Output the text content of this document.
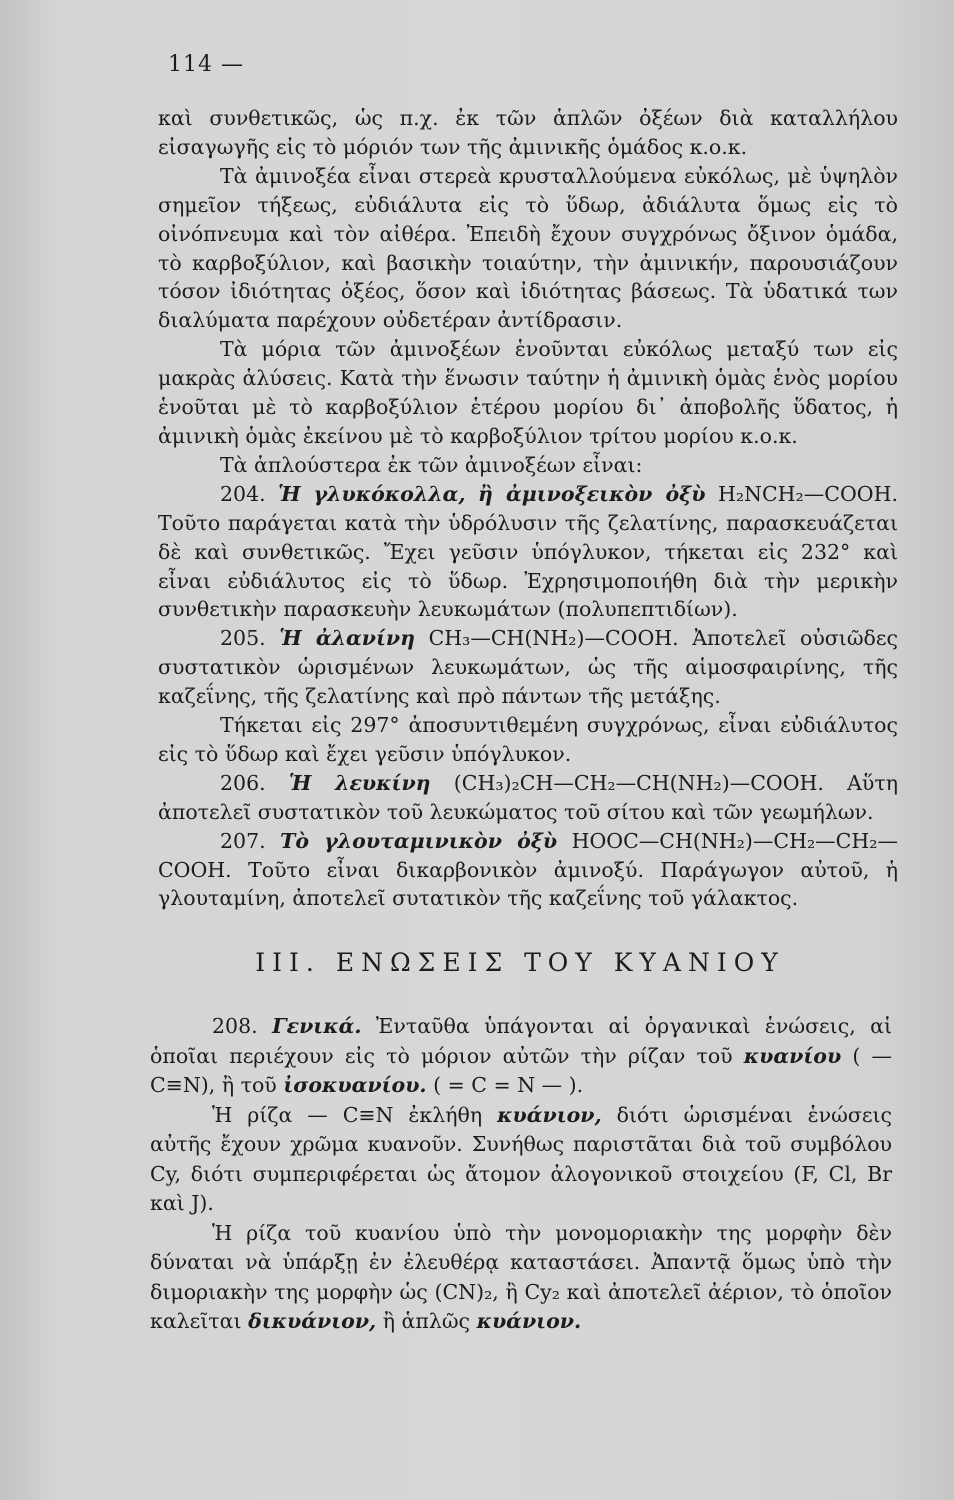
114 —

καὶ συνθετικῶς, ὡς π.χ. ἐκ τῶν ἁπλῶν ὀξέων διὰ καταλλήλου εἰσαγωγῆς εἰς τὸ μόριόν των τῆς ἀμινικῆς ὁμάδος κ.ο.κ.

Τὰ ἀμινοξέα εἶναι στερεὰ κρυσταλλούμενα εὐκόλως, μὲ ὑψηλὸν σημεῖον τήξεως, εὐδιάλυτα εἰς τὸ ὕδωρ, ἀδιάλυτα ὅμως εἰς τὸ οἰνόπνευμα καὶ τὸν αἰθέρα. Ἐπειδὴ ἔχουν συγχρόνως ὄξινον ὁμάδα, τὸ καρβοξύλιον, καὶ βασικὴν τοιαύτην, τὴν ἀμινικήν, παρουσιάζουν τόσον ἰδιότητας ὀξέος, ὅσον καὶ ἰδιότητας βάσεως. Τὰ ὑδατικά των διαλύματα παρέχουν οὐδετέραν ἀντίδρασιν.

Τὰ μόρια τῶν ἀμινοξέων ἑνοῦνται εὐκόλως μεταξύ των εἰς μακρὰς ἁλύσεις. Κατὰ τὴν ἕνωσιν ταύτην ἡ ἀμινικὴ ὁμὰς ἑνὸς μορίου ἑνοῦται μὲ τὸ καρβοξύλιον ἑτέρου μορίου δι᾿ ἀποβολῆς ὕδατος, ἡ ἀμινικὴ ὁμὰς ἐκείνου μὲ τὸ καρβοξύλιον τρίτου μορίου κ.ο.κ.

Τὰ ἁπλούστερα ἐκ τῶν ἀμινοξέων εἶναι:

204. Ἡ γλυκόκολλα, ἢ ἀμινοξεικὸν ὀξὺ H₂NCH₂—COOH. Τοῦτο παράγεται κατὰ τὴν ὑδρόλυσιν τῆς ζελατίνης, παρασκευάζεται δὲ καὶ συνθετικῶς. Ἔχει γεῦσιν ὑπόγλυκον, τήκεται εἰς 232° καὶ εἶναι εὐδιάλυτος εἰς τὸ ὕδωρ. Ἐχρησιμοποιήθη διὰ τὴν μερικὴν συνθετικὴν παρασκευὴν λευκωμάτων (πολυπεπτιδίων).

205. Ἡ ἀλανίνη CH₃—CH(NH₂)—COOH. Ἀποτελεῖ οὐσιῶδες συστατικὸν ὡρισμένων λευκωμάτων, ὡς τῆς αἱμοσφαιρίνης, τῆς καζεΐνης, τῆς ζελατίνης καὶ πρὸ πάντων τῆς μετάξης.

Τήκεται εἰς 297° ἀποσυντιθεμένη συγχρόνως, εἶναι εὐδιάλυτος εἰς τὸ ὕδωρ καὶ ἔχει γεῦσιν ὑπόγλυκον.

206. Ἡ λευκίνη (CH₃)₂CH—CH₂—CH(NH₂)—COOH. Αὕτη ἀποτελεῖ συστατικὸν τοῦ λευκώματος τοῦ σίτου καὶ τῶν γεωμήλων.

207. Τὸ γλουταμινικὸν ὀξὺ HOOC—CH(NH₂)—CH₂—CH₂—COOH. Τοῦτο εἶναι δικαρβονικὸν ἀμινοξύ. Παράγωγον αὐτοῦ, ἡ γλουταμίνη, ἀποτελεῖ συτατικὸν τῆς καζεΐνης τοῦ γάλακτος.

III. ΕΝΩΣΕΙΣ ΤΟΥ ΚΥΑΝΙΟΥ

208. Γενικά. Ἐνταῦθα ὑπάγονται αἱ ὀργανικαὶ ἑνώσεις, αἱ ὁποῖαι περιέχουν εἰς τὸ μόριον αὐτῶν τὴν ρίζαν τοῦ κυανίου ( — C≡N), ἢ τοῦ ἰσοκυανίου. ( = C = N — ).

Ἡ ρίζα — C≡N ἐκλήθη κυάνιον, διότι ὡρισμέναι ἑνώσεις αὐτῆς ἔχουν χρῶμα κυανοῦν. Συνήθως παριστᾶται διὰ τοῦ συμβόλου Cy, διότι συμπεριφέρεται ὡς ἄτομον ἀλογονικοῦ στοιχείου (F, Cl, Br καὶ J).

Ἡ ρίζα τοῦ κυανίου ὑπὸ τὴν μονομοριακὴν της μορφὴν δὲν δύναται νὰ ὑπάρξῃ ἐν ἐλευθέρᾳ καταστάσει. Ἀπαντᾷ ὅμως ὑπὸ τὴν διμοριακὴν της μορφὴν ὡς (CN)₂, ἢ Cy₂ καὶ ἀποτελεῖ ἀέριον, τὸ ὁποῖον καλεῖται δικυάνιον, ἢ ἁπλῶς κυάνιον.
